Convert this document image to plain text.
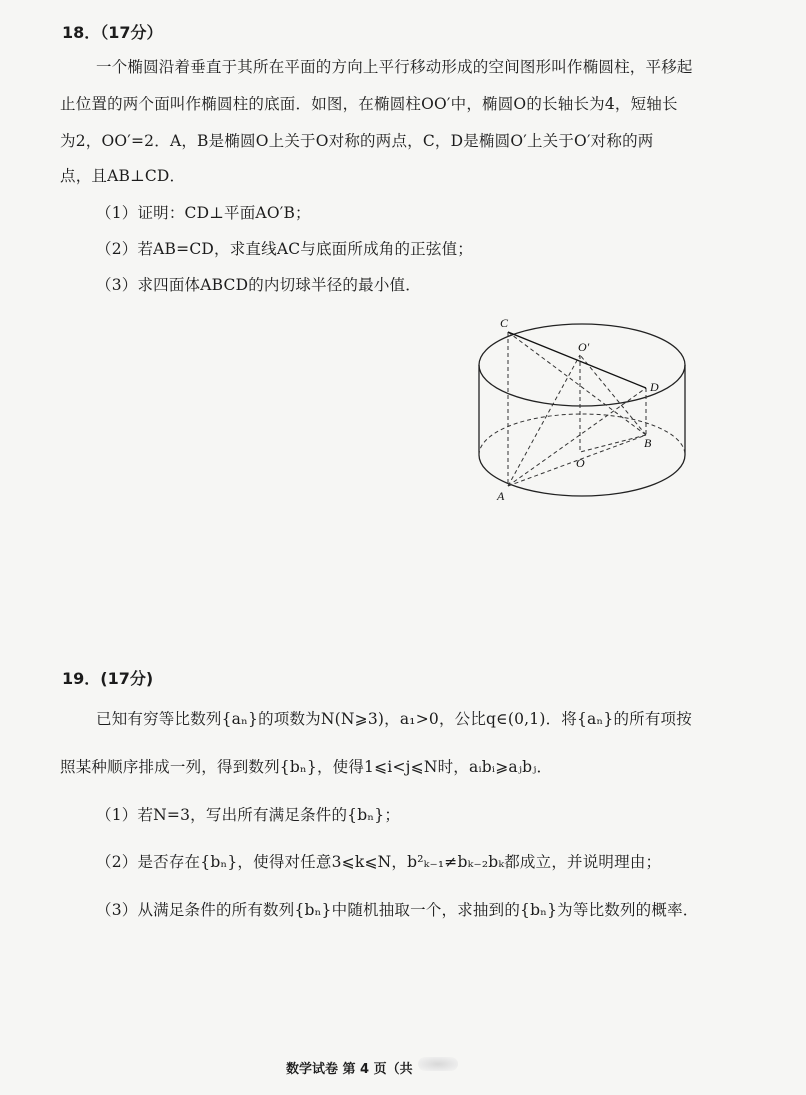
18．（17分）
一个椭圆沿着垂直于其所在平面的方向上平行移动形成的空间图形叫作椭圆柱，平移起
止位置的两个面叫作椭圆柱的底面．如图，在椭圆柱OO′中，椭圆O的长轴长为4，短轴长
为2，OO′=2．A，B是椭圆O上关于O对称的两点，C，D是椭圆O′上关于O′对称的两
点，且AB⊥CD．
（1）证明：CD⊥平面AO′B；
（2）若AB=CD，求直线AC与底面所成角的正弦值；
（3）求四面体ABCD的内切球半径的最小值．
C
O′
D
B
O
A
19．(17分)
已知有穷等比数列{aₙ}的项数为N(N⩾3)，a₁>0，公比q∈(0,1)．将{aₙ}的所有项按
照某种顺序排成一列，得到数列{bₙ}，使得1⩽i<j⩽N时，aᵢbᵢ⩾aⱼbⱼ．
（1）若N=3，写出所有满足条件的{bₙ}；
（2）是否存在{bₙ}，使得对任意3⩽k⩽N，b²ₖ₋₁≠bₖ₋₂bₖ都成立，并说明理由；
（3）从满足条件的所有数列{bₙ}中随机抽取一个，求抽到的{bₙ}为等比数列的概率．
数学试卷 第 4 页（共
